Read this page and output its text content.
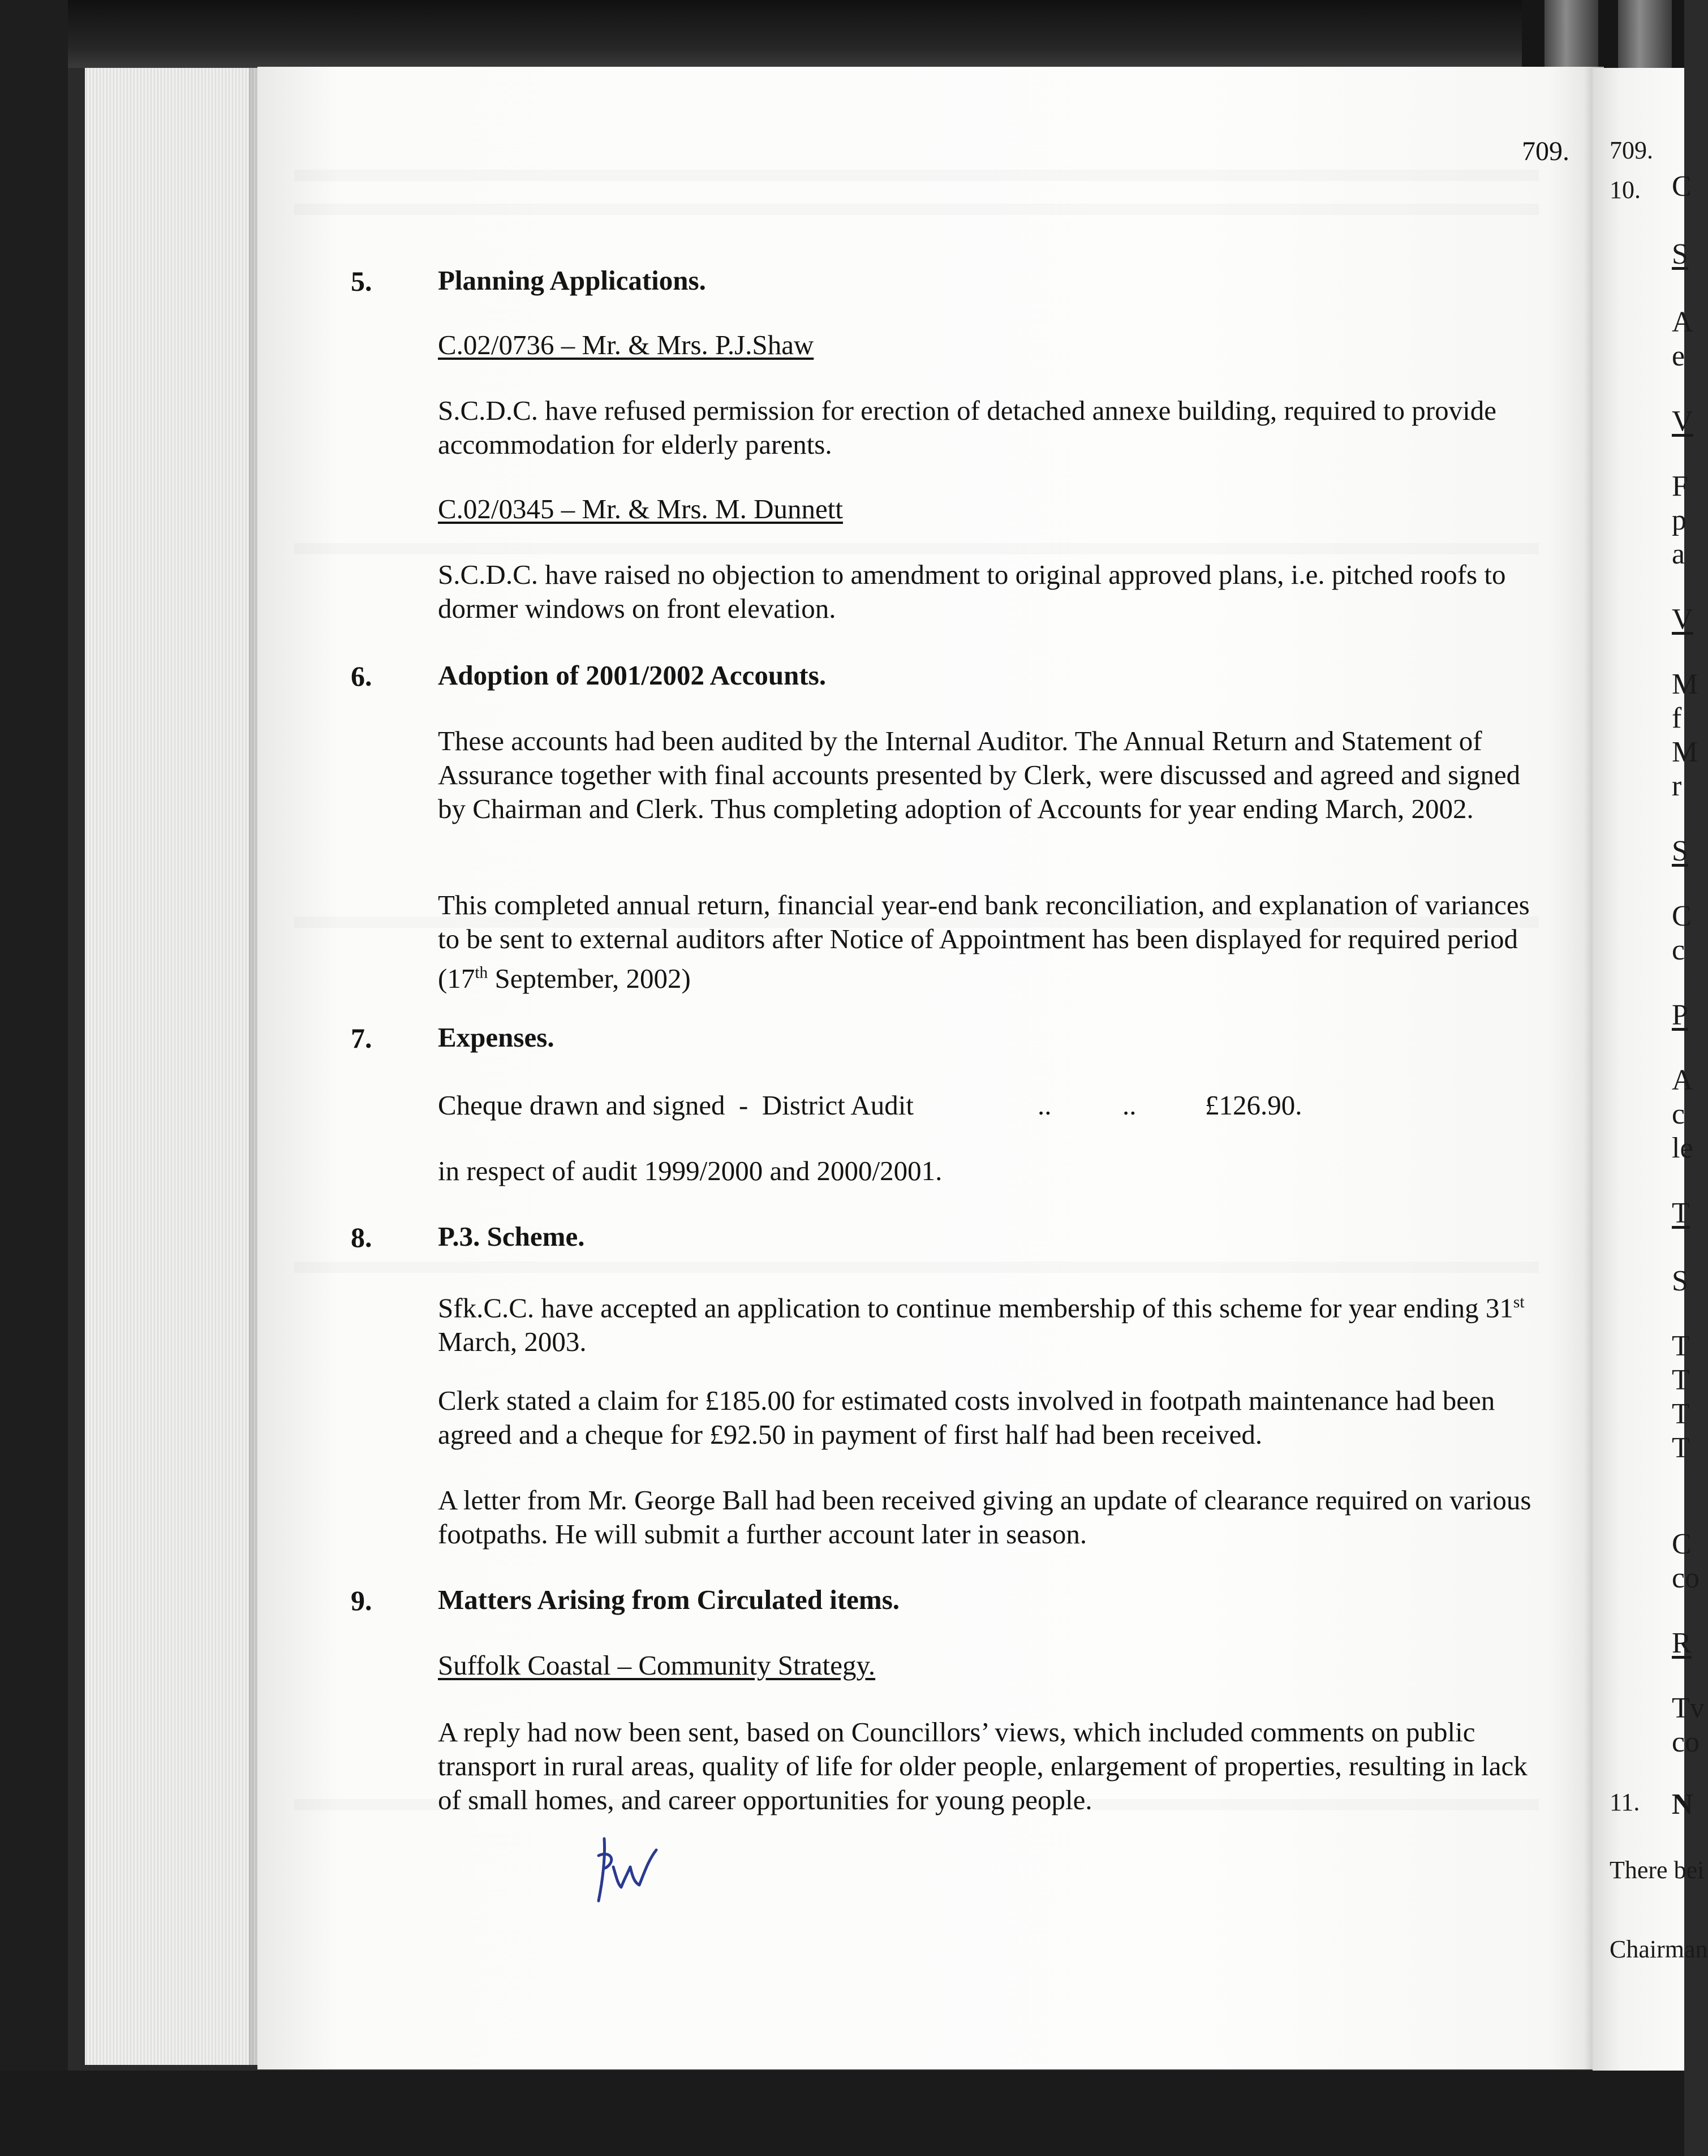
709.
5. Planning Applications.
C.02/0736 – Mr. & Mrs. P.J.Shaw
S.C.D.C. have refused permission for erection of detached annexe building, required to provide accommodation for elderly parents.
C.02/0345 – Mr. & Mrs. M. Dunnett
S.C.D.C. have raised no objection to amendment to original approved plans, i.e. pitched roofs to dormer windows on front elevation.
6. Adoption of 2001/2002 Accounts.
These accounts had been audited by the Internal Auditor. The Annual Return and Statement of Assurance together with final accounts presented by Clerk, were discussed and agreed and signed by Chairman and Clerk. Thus completing adoption of Accounts for year ending March, 2002.
This completed annual return, financial year-end bank reconciliation, and explanation of variances to be sent to external auditors after Notice of Appointment has been displayed for required period (17th September, 2002)
7. Expenses.
Cheque drawn and signed  -  District Audit	..	..	£126.90.
in respect of audit 1999/2000 and 2000/2001.
8. P.3. Scheme.
Sfk.C.C. have accepted an application to continue membership of this scheme for year ending 31st March, 2003.
Clerk stated a claim for £185.00 for estimated costs involved in footpath maintenance had been agreed and a cheque for £92.50 in payment of first half had been received.
A letter from Mr. George Ball had been received giving an update of clearance required on various footpaths. He will submit a further account later in season.
9. Matters Arising from Circulated items.
Suffolk Coastal – Community Strategy.
A reply had now been sent, based on Councillors’ views, which included comments on public transport in rural areas, quality of life for older people, enlargement of properties, resulting in lack of small homes, and career opportunities for young people.
709.
10. C
S
A
e
V
F
p
a
V
M
f
M
r
S
C
c
P
A
c
le
T
S
T
T
T
T
C
co
R
Tv
co
11. N
There bei
Chairman
